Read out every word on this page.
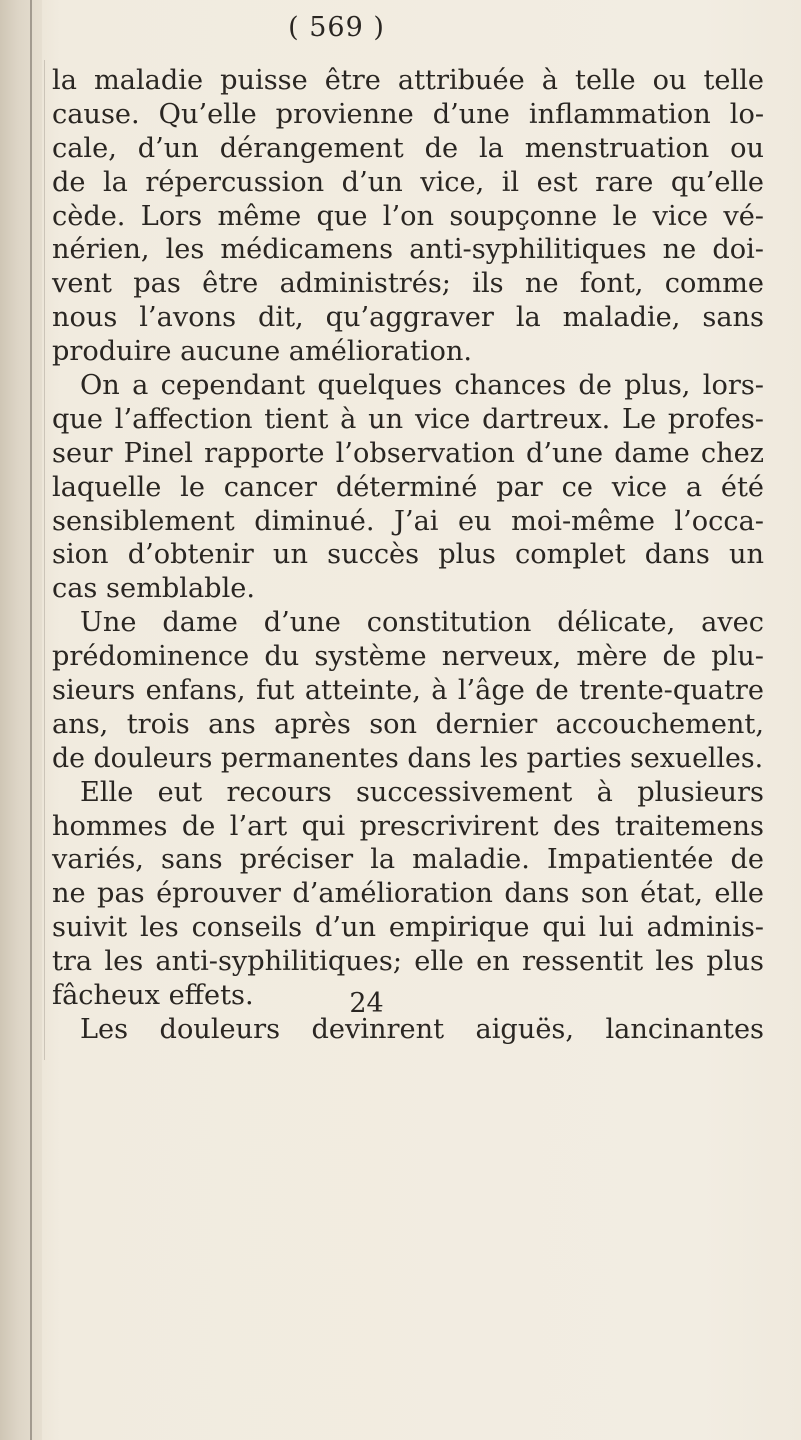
( 569 )
la maladie puisse être attribuée à telle ou telle
cause. Qu’elle provienne d’une inflammation lo-
cale, d’un dérangement de la menstruation ou
de la répercussion d’un vice, il est rare qu’elle
cède. Lors même que l’on soupçonne le vice vé-
nérien, les médicamens anti-syphilitiques ne doi-
vent pas être administrés; ils ne font, comme
nous l’avons dit, qu’aggraver la maladie, sans
produire aucune amélioration.
On a cependant quelques chances de plus, lors-
que l’affection tient à un vice dartreux. Le profes-
seur Pinel rapporte l’observation d’une dame chez
laquelle le cancer déterminé par ce vice a été
sensiblement diminué. J’ai eu moi-même l’occa-
sion d’obtenir un succès plus complet dans un
cas semblable.
Une dame d’une constitution délicate, avec
prédominence du système nerveux, mère de plu-
sieurs enfans, fut atteinte, à l’âge de trente-quatre
ans, trois ans après son dernier accouchement,
de douleurs permanentes dans les parties sexuelles.
Elle eut recours successivement à plusieurs
hommes de l’art qui prescrivirent des traitemens
variés, sans préciser la maladie. Impatientée de
ne pas éprouver d’amélioration dans son état, elle
suivit les conseils d’un empirique qui lui adminis-
tra les anti-syphilitiques; elle en ressentit les plus
fâcheux effets.
Les douleurs devinrent aiguës, lancinantes
24
